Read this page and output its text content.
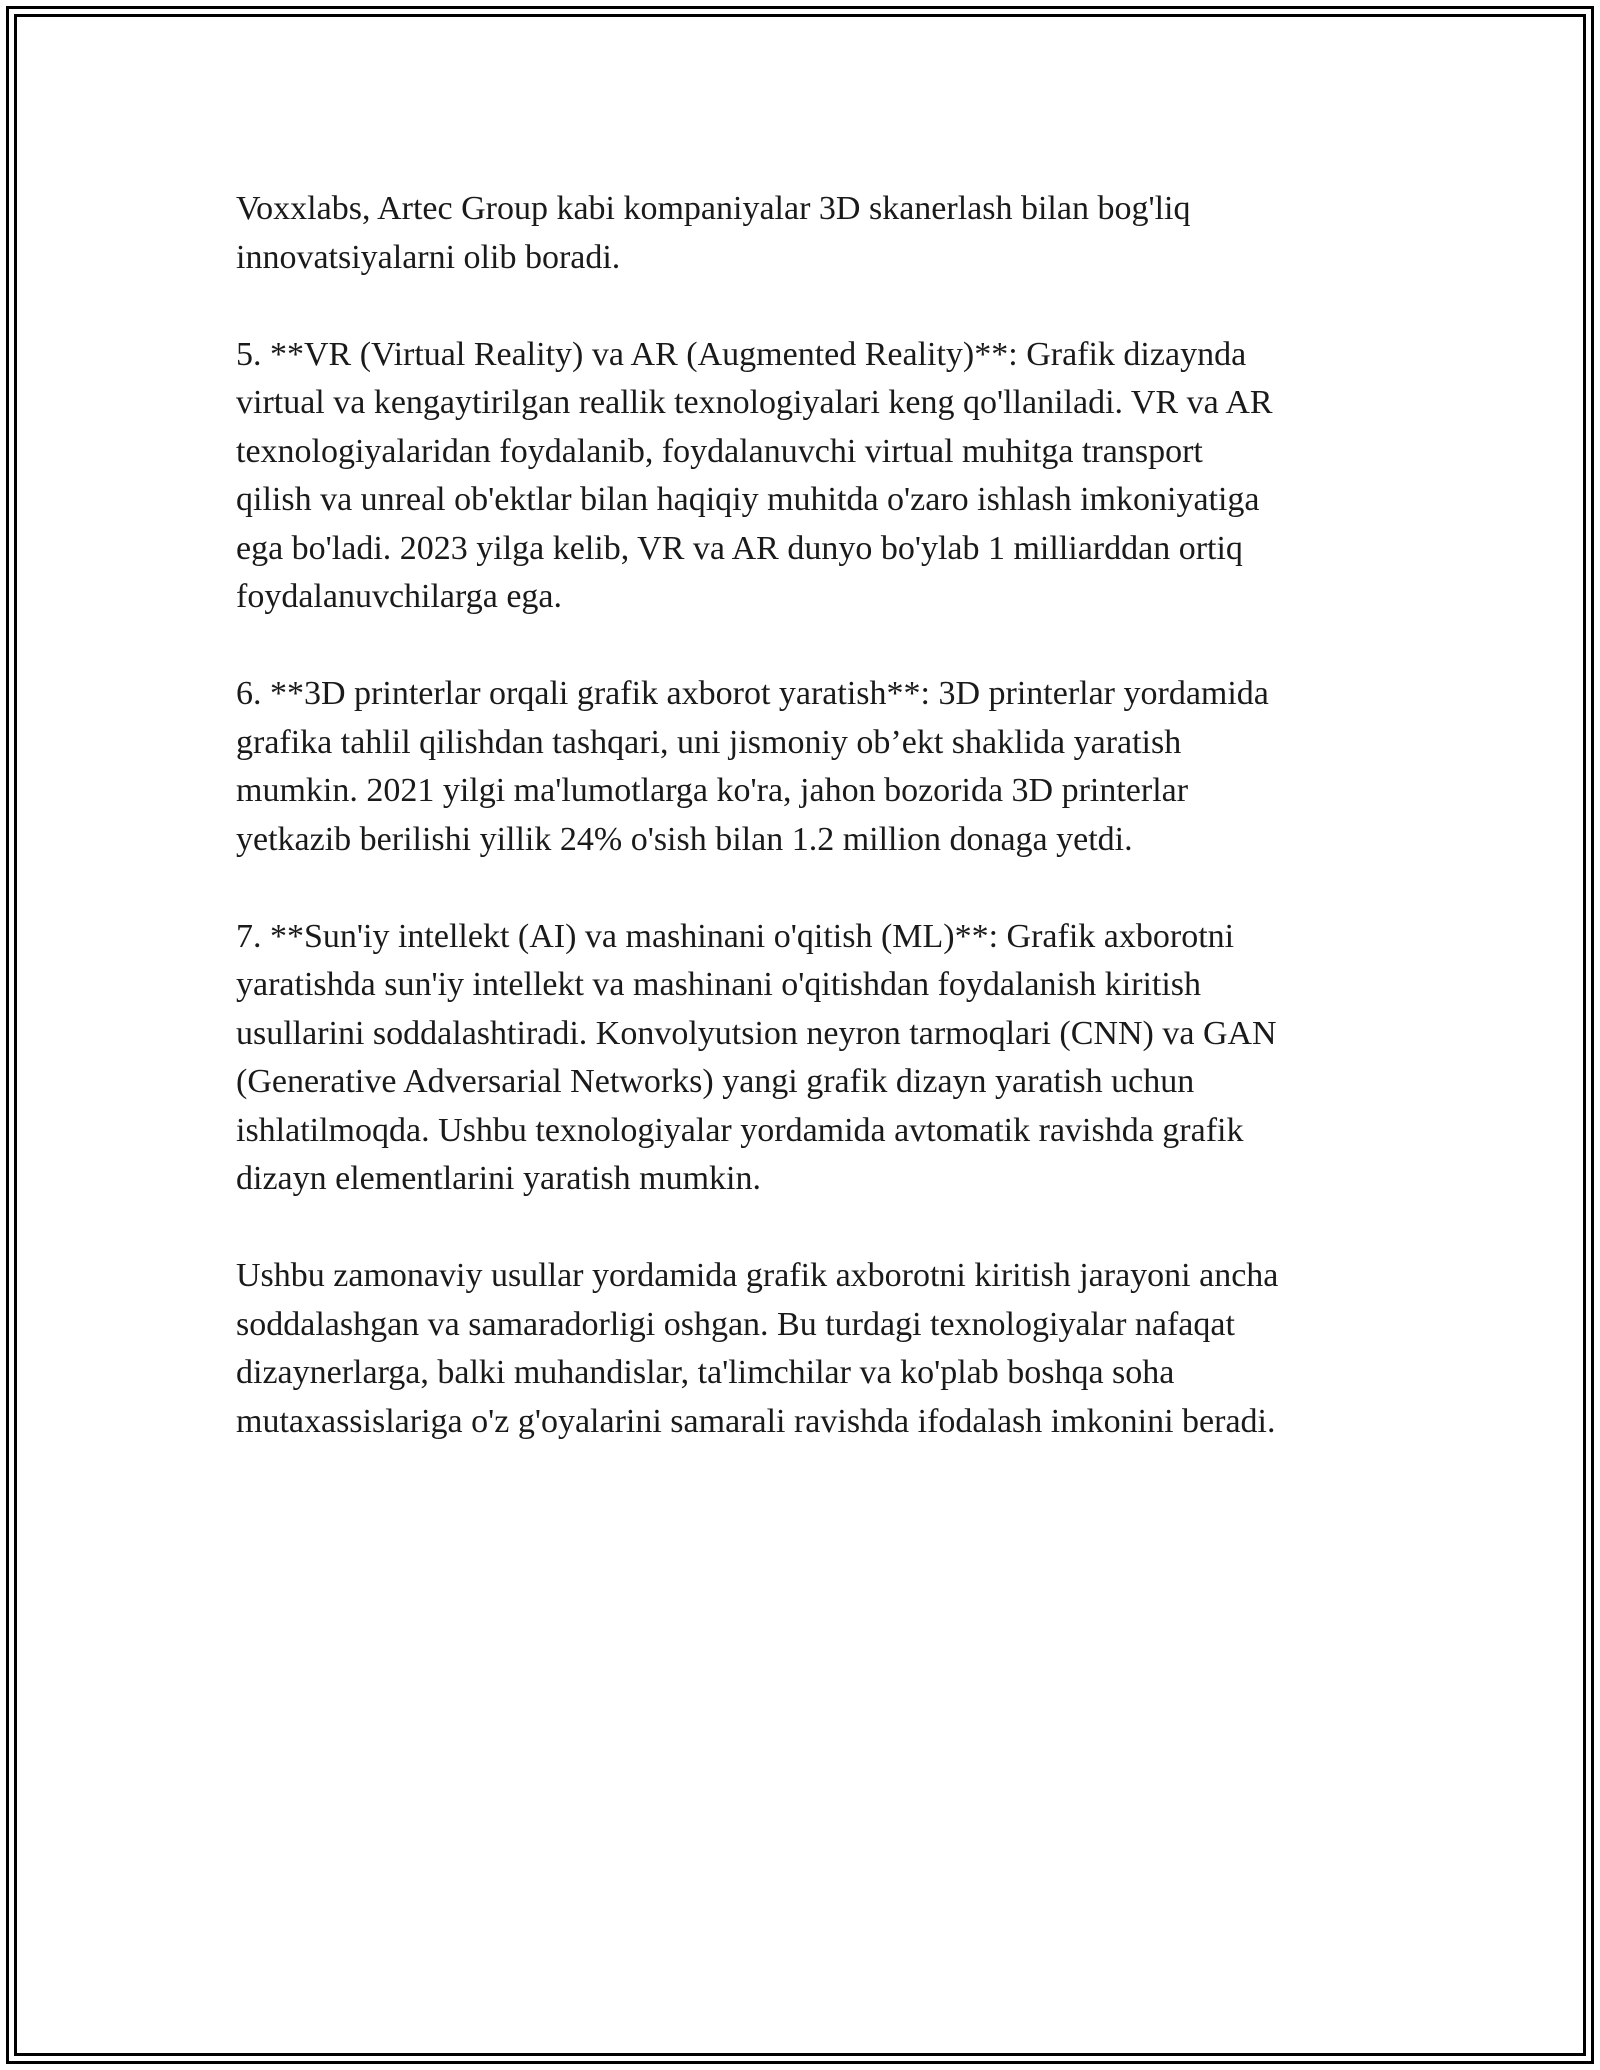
Voxxlabs, Artec Group kabi kompaniyalar 3D skanerlash bilan bog'liq
innovatsiyalarni olib boradi.

5. **VR (Virtual Reality) va AR (Augmented Reality)**: Grafik dizaynda
virtual va kengaytirilgan reallik texnologiyalari keng qo'llaniladi. VR va AR
texnologiyalaridan foydalanib, foydalanuvchi virtual muhitga transport
qilish va unreal ob'ektlar bilan haqiqiy muhitda o'zaro ishlash imkoniyatiga
ega bo'ladi. 2023 yilga kelib, VR va AR dunyo bo'ylab 1 milliarddan ortiq
foydalanuvchilarga ega.

6. **3D printerlar orqali grafik axborot yaratish**: 3D printerlar yordamida
grafika tahlil qilishdan tashqari, uni jismoniy ob’ekt shaklida yaratish
mumkin. 2021 yilgi ma'lumotlarga ko'ra, jahon bozorida 3D printerlar
yetkazib berilishi yillik 24% o'sish bilan 1.2 million donaga yetdi.

7. **Sun'iy intellekt (AI) va mashinani o'qitish (ML)**: Grafik axborotni
yaratishda sun'iy intellekt va mashinani o'qitishdan foydalanish kiritish
usullarini soddalashtiradi. Konvolyutsion neyron tarmoqlari (CNN) va GAN
(Generative Adversarial Networks) yangi grafik dizayn yaratish uchun
ishlatilmoqda. Ushbu texnologiyalar yordamida avtomatik ravishda grafik
dizayn elementlarini yaratish mumkin.

Ushbu zamonaviy usullar yordamida grafik axborotni kiritish jarayoni ancha
soddalashgan va samaradorligi oshgan. Bu turdagi texnologiyalar nafaqat
dizaynerlarga, balki muhandislar, ta'limchilar va ko'plab boshqa soha
mutaxassislariga o'z g'oyalarini samarali ravishda ifodalash imkonini beradi.
